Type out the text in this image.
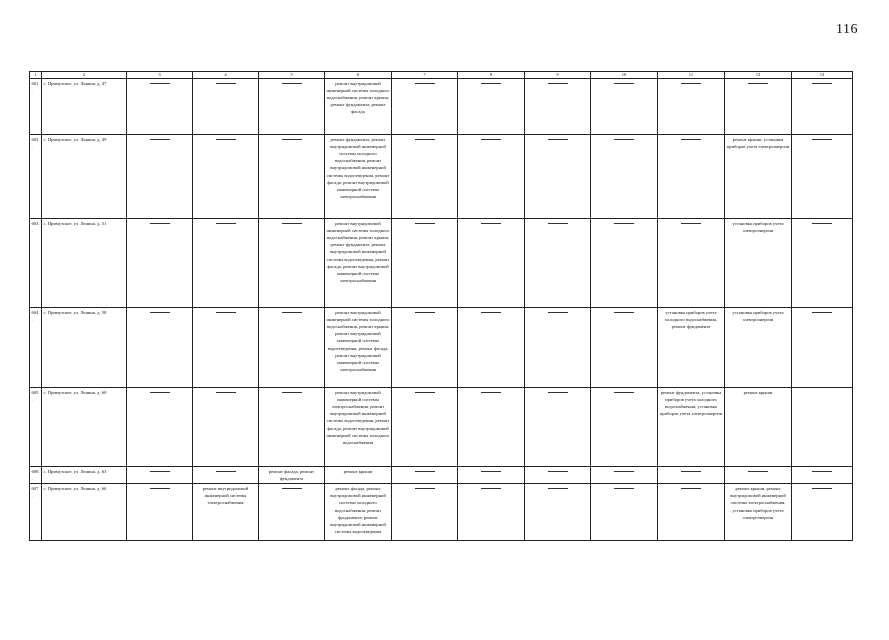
116
1	2	3	4	5	6	7	8	9	10	11	12	13
601.	с. Примузское, ул. Ленина, д. 47				ремонт внутридомовой инженерной системы холодного водоснабжения, ремонт крыши, ремонт фундамента, ремонт фасада	

602.	с. Примузское, ул. Ленина, д. 49				ремонт фундамента, ремонт внутридомовой инженерной системы холодного водоснабжения, ремонт внутридомовой инженерной системы водоотведения, ремонт фасада, ремонт внутридомовой инженерной системы электроснабжения						ремонт крыши, установка приборов учета электроэнергии	

603.	с. Примузское, ул. Ленина, д. 51				ремонт внутридомовой инженерной системы холодного водоснабжения, ремонт крыши, ремонт фундамента, ремонт внутридомовой инженерной системы водоотведения, ремонт фасада, ремонт внутридомовой инженерной системы электроснабжения						установка приборов учета электроэнергии	

604.	с. Примузское, ул. Ленина, д. 58				ремонт внутридомовой инженерной системы холодного водоснабжения, ремонт крыши, ремонт внутридомовой инженерной системы водоотведения, ремонт фасада, ремонт внутридомовой инженерной системы электроснабжения					установка приборов учета холодного водоснабжения, ремонт фундамента	установка приборов учета электроэнергии	

605.	с. Примузское, ул. Ленина, д. 60				ремонт внутридомовой инженерной системы электроснабжения, ремонт внутридомовой инженерной системы водоотведения, ремонт фасада, ремонт внутридомовой инженерной системы холодного водоснабжения					ремонт фундамента, установка приборов учета холодного водоснабжения, установка приборов учета электроэнергии	ремонт крыши	
606.	с. Примузское, ул. Ленина, д. 63			ремонт фасада, ремонт фундамента	ремонт крыши	

607.	с. Примузское, ул. Ленина, д. 66		ремонт внутридомовой инженерной системы электроснабжения		ремонт фасада, ремонт внутридомовой инженерной системы холодного водоснабжения, ремонт фундамента, ремонт внутридомовой инженерной системы водоотведения						ремонт крыши, ремонт внутридомовой инженерной системы электроснабжения, установка приборов учета электроэнергии	
